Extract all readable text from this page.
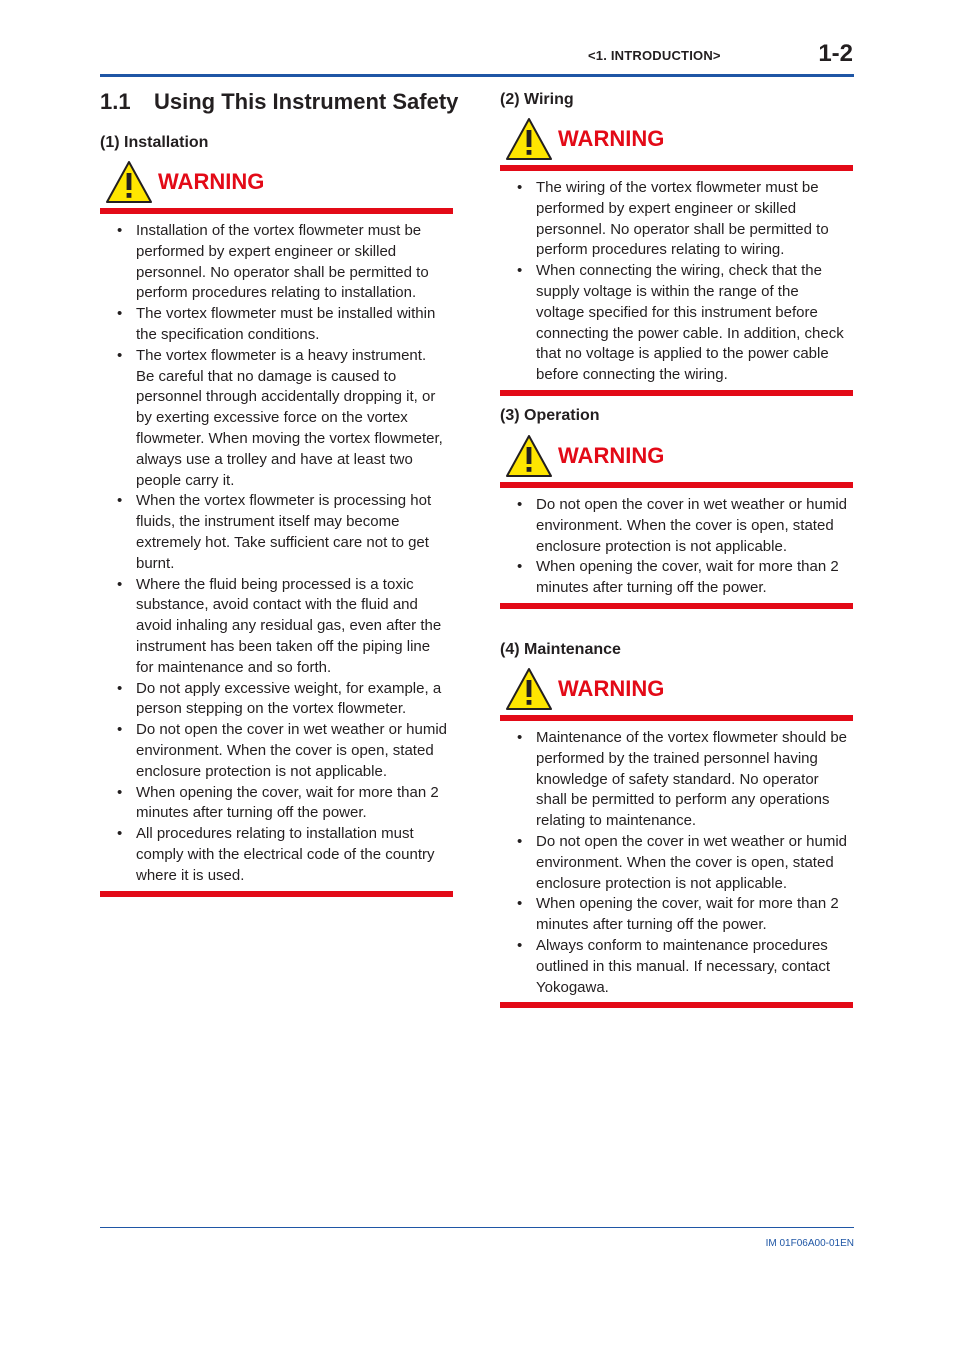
<1. INTRODUCTION>	1-2
1.1 Using This Instrument Safety
(1) Installation
WARNING
• Installation of the vortex flowmeter must be performed by expert engineer or skilled personnel. No operator shall be permitted to perform procedures relating to installation.
• The vortex flowmeter must be installed within the specification conditions.
• The vortex flowmeter is a heavy instrument. Be careful that no damage is caused to personnel through accidentally dropping it, or by exerting excessive force on the vortex flowmeter. When moving the vortex flowmeter, always use a trolley and have at least two people carry it.
• When the vortex flowmeter is processing hot fluids, the instrument itself may become extremely hot. Take sufficient care not to get burnt.
• Where the fluid being processed is a toxic substance, avoid contact with the fluid and avoid inhaling any residual gas, even after the instrument has been taken off the piping line for maintenance and so forth.
• Do not apply excessive weight, for example, a person stepping on the vortex flowmeter.
• Do not open the cover in wet weather or humid environment. When the cover is open, stated enclosure protection is not applicable.
• When opening the cover, wait for more than 2 minutes after turning off the power.
• All procedures relating to installation must comply with the electrical code of the country where it is used.
(2) Wiring
WARNING
• The wiring of the vortex flowmeter must be performed by expert engineer or skilled personnel. No operator shall be permitted to perform procedures relating to wiring.
• When connecting the wiring, check that the supply voltage is within the range of the voltage specified for this instrument before connecting the power cable. In addition, check that no voltage is applied to the power cable before connecting the wiring.
(3) Operation
WARNING
• Do not open the cover in wet weather or humid environment. When the cover is open, stated enclosure protection is not applicable.
• When opening the cover, wait for more than 2 minutes after turning off the power.
(4) Maintenance
WARNING
• Maintenance of the vortex flowmeter should be performed by the trained personnel having knowledge of safety standard. No operator shall be permitted to perform any operations relating to maintenance.
• Do not open the cover in wet weather or humid environment. When the cover is open, stated enclosure protection is not applicable.
• When opening the cover, wait for more than 2 minutes after turning off the power.
• Always conform to maintenance procedures outlined in this manual. If necessary, contact Yokogawa.
IM 01F06A00-01EN
